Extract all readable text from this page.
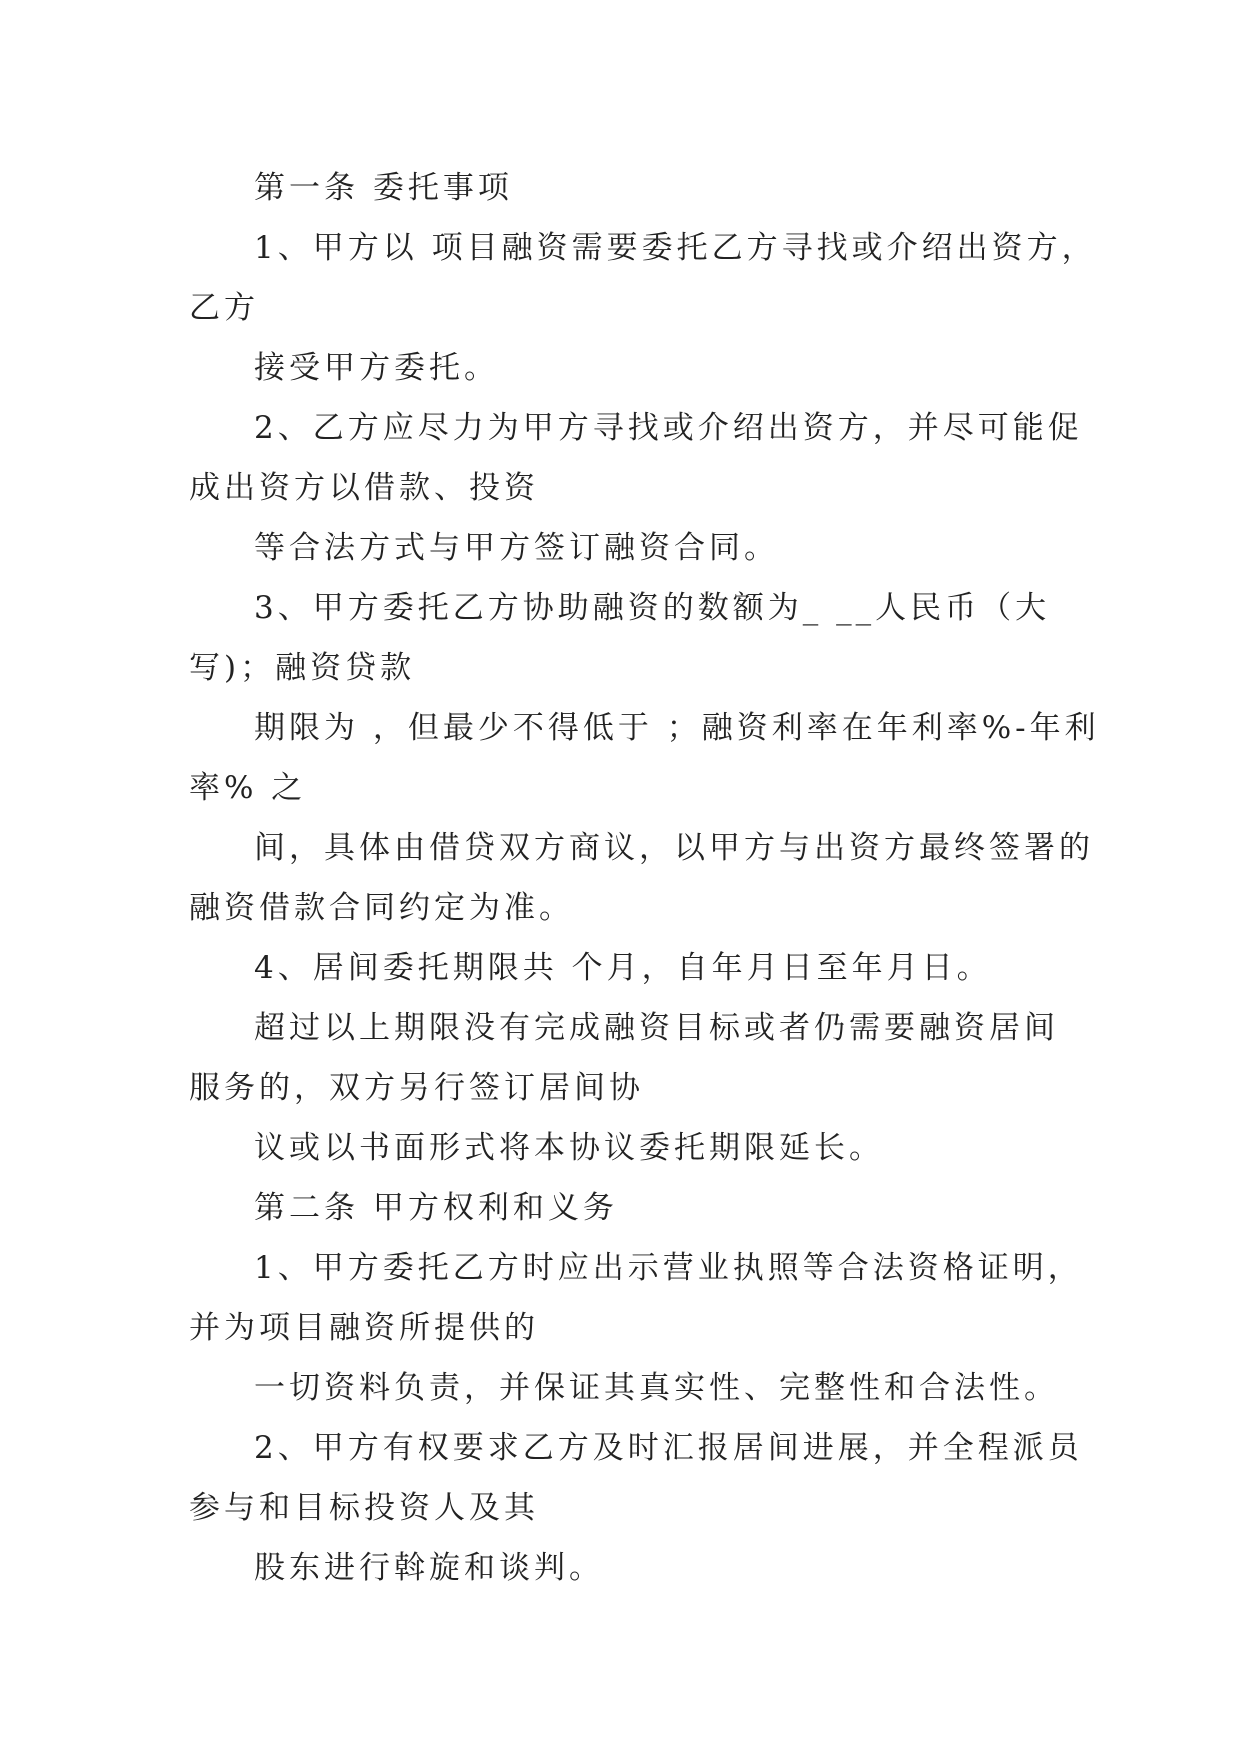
第一条 委托事项
1、甲方以 项目融资需要委托乙方寻找或介绍出资方，
乙方
接受甲方委托。
2、乙方应尽力为甲方寻找或介绍出资方，并尽可能促
成出资方以借款、投资
等合法方式与甲方签订融资合同。
3、甲方委托乙方协助融资的数额为_ __人民币（大
写)；融资贷款
期限为 ，但最少不得低于 ；融资利率在年利率%-年利
率% 之
间，具体由借贷双方商议，以甲方与出资方最终签署的
融资借款合同约定为准。
4、居间委托期限共 个月，自年月日至年月日。
超过以上期限没有完成融资目标或者仍需要融资居间
服务的，双方另行签订居间协
议或以书面形式将本协议委托期限延长。
第二条 甲方权利和义务
1、甲方委托乙方时应出示营业执照等合法资格证明，
并为项目融资所提供的
一切资料负责，并保证其真实性、完整性和合法性。
2、甲方有权要求乙方及时汇报居间进展，并全程派员
参与和目标投资人及其
股东进行斡旋和谈判。
